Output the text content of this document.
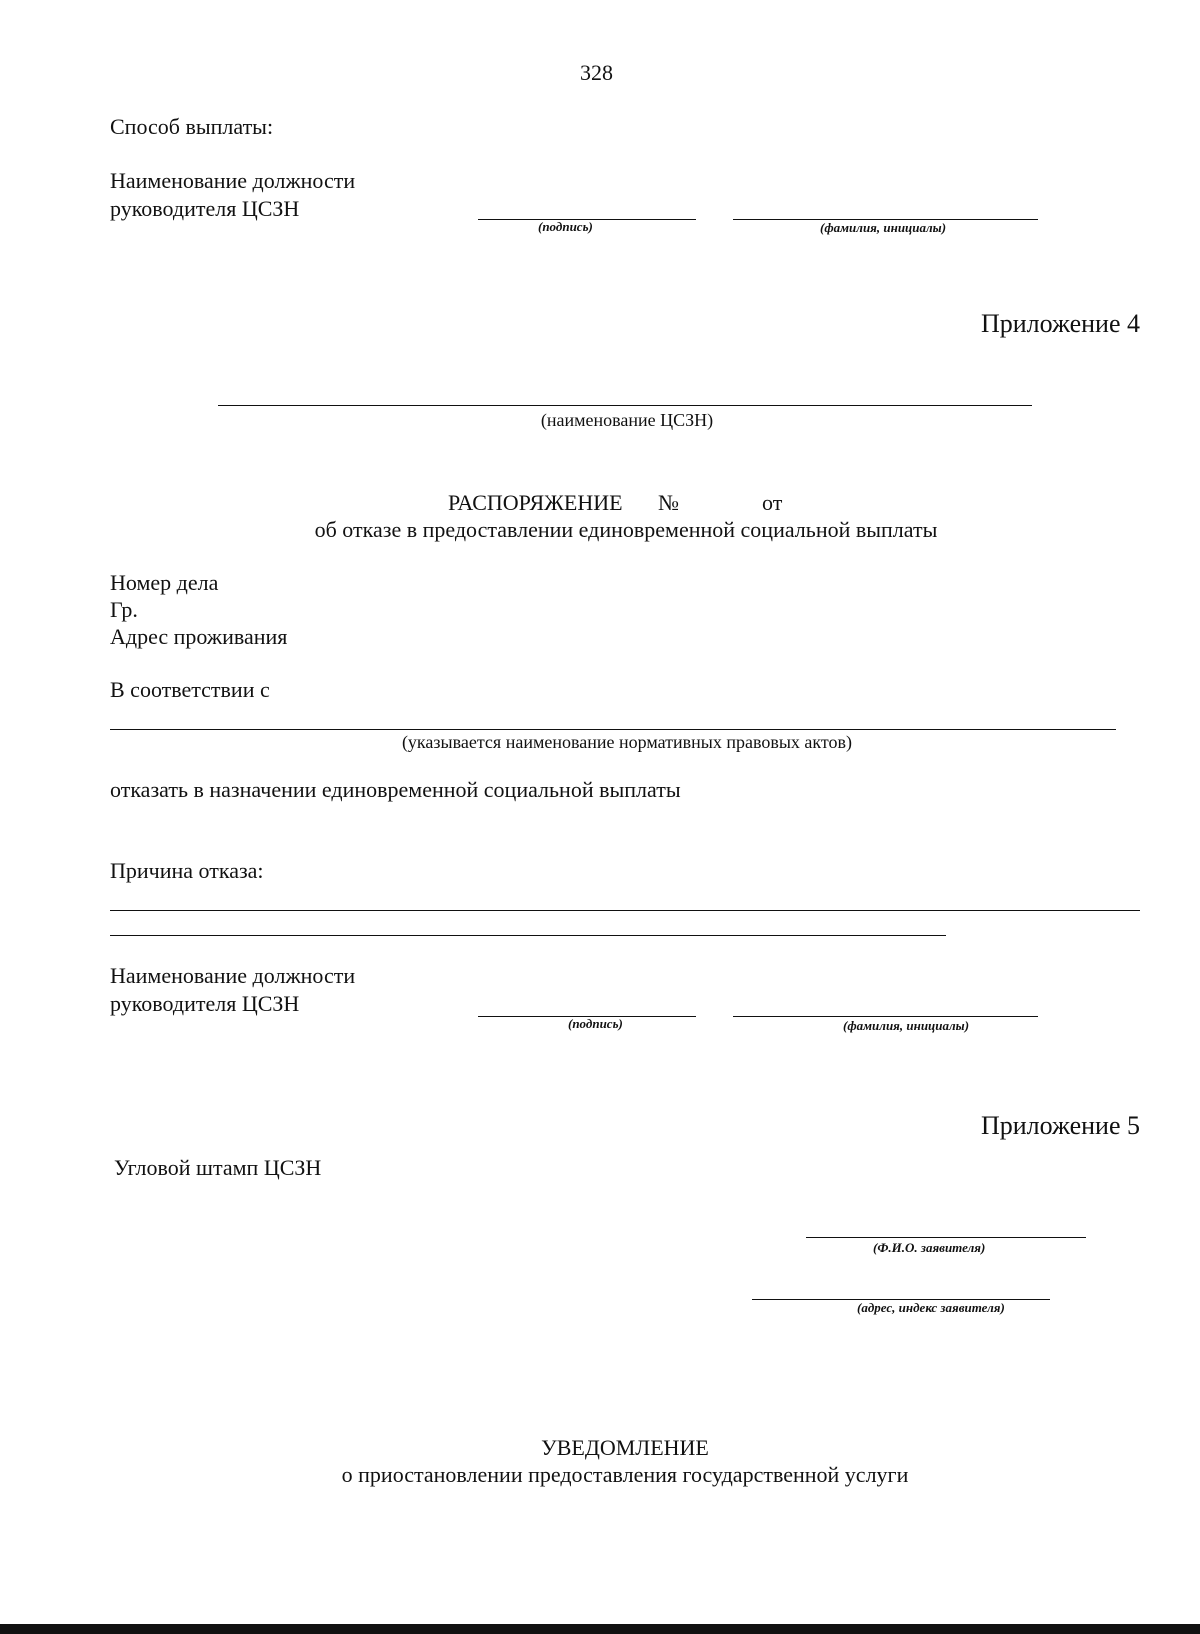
328
Способ выплаты:
Наименование должности
руководителя ЦСЗН
(подпись)	(фамилия, инициалы)
Приложение 4
(наименование ЦСЗН)
РАСПОРЯЖЕНИЕ №	от
об отказе в предоставлении единовременной социальной выплаты
Номер дела
Гр.
Адрес проживания
В соответствии с
(указывается наименование нормативных правовых актов)
отказать в назначении единовременной социальной выплаты
Причина отказа:
Наименование должности
руководителя ЦСЗН
(подпись)	(фамилия, инициалы)
Приложение 5
Угловой штамп ЦСЗН
(Ф.И.О. заявителя)
(адрес, индекс заявителя)
УВЕДОМЛЕНИЕ
о приостановлении предоставления государственной услуги
